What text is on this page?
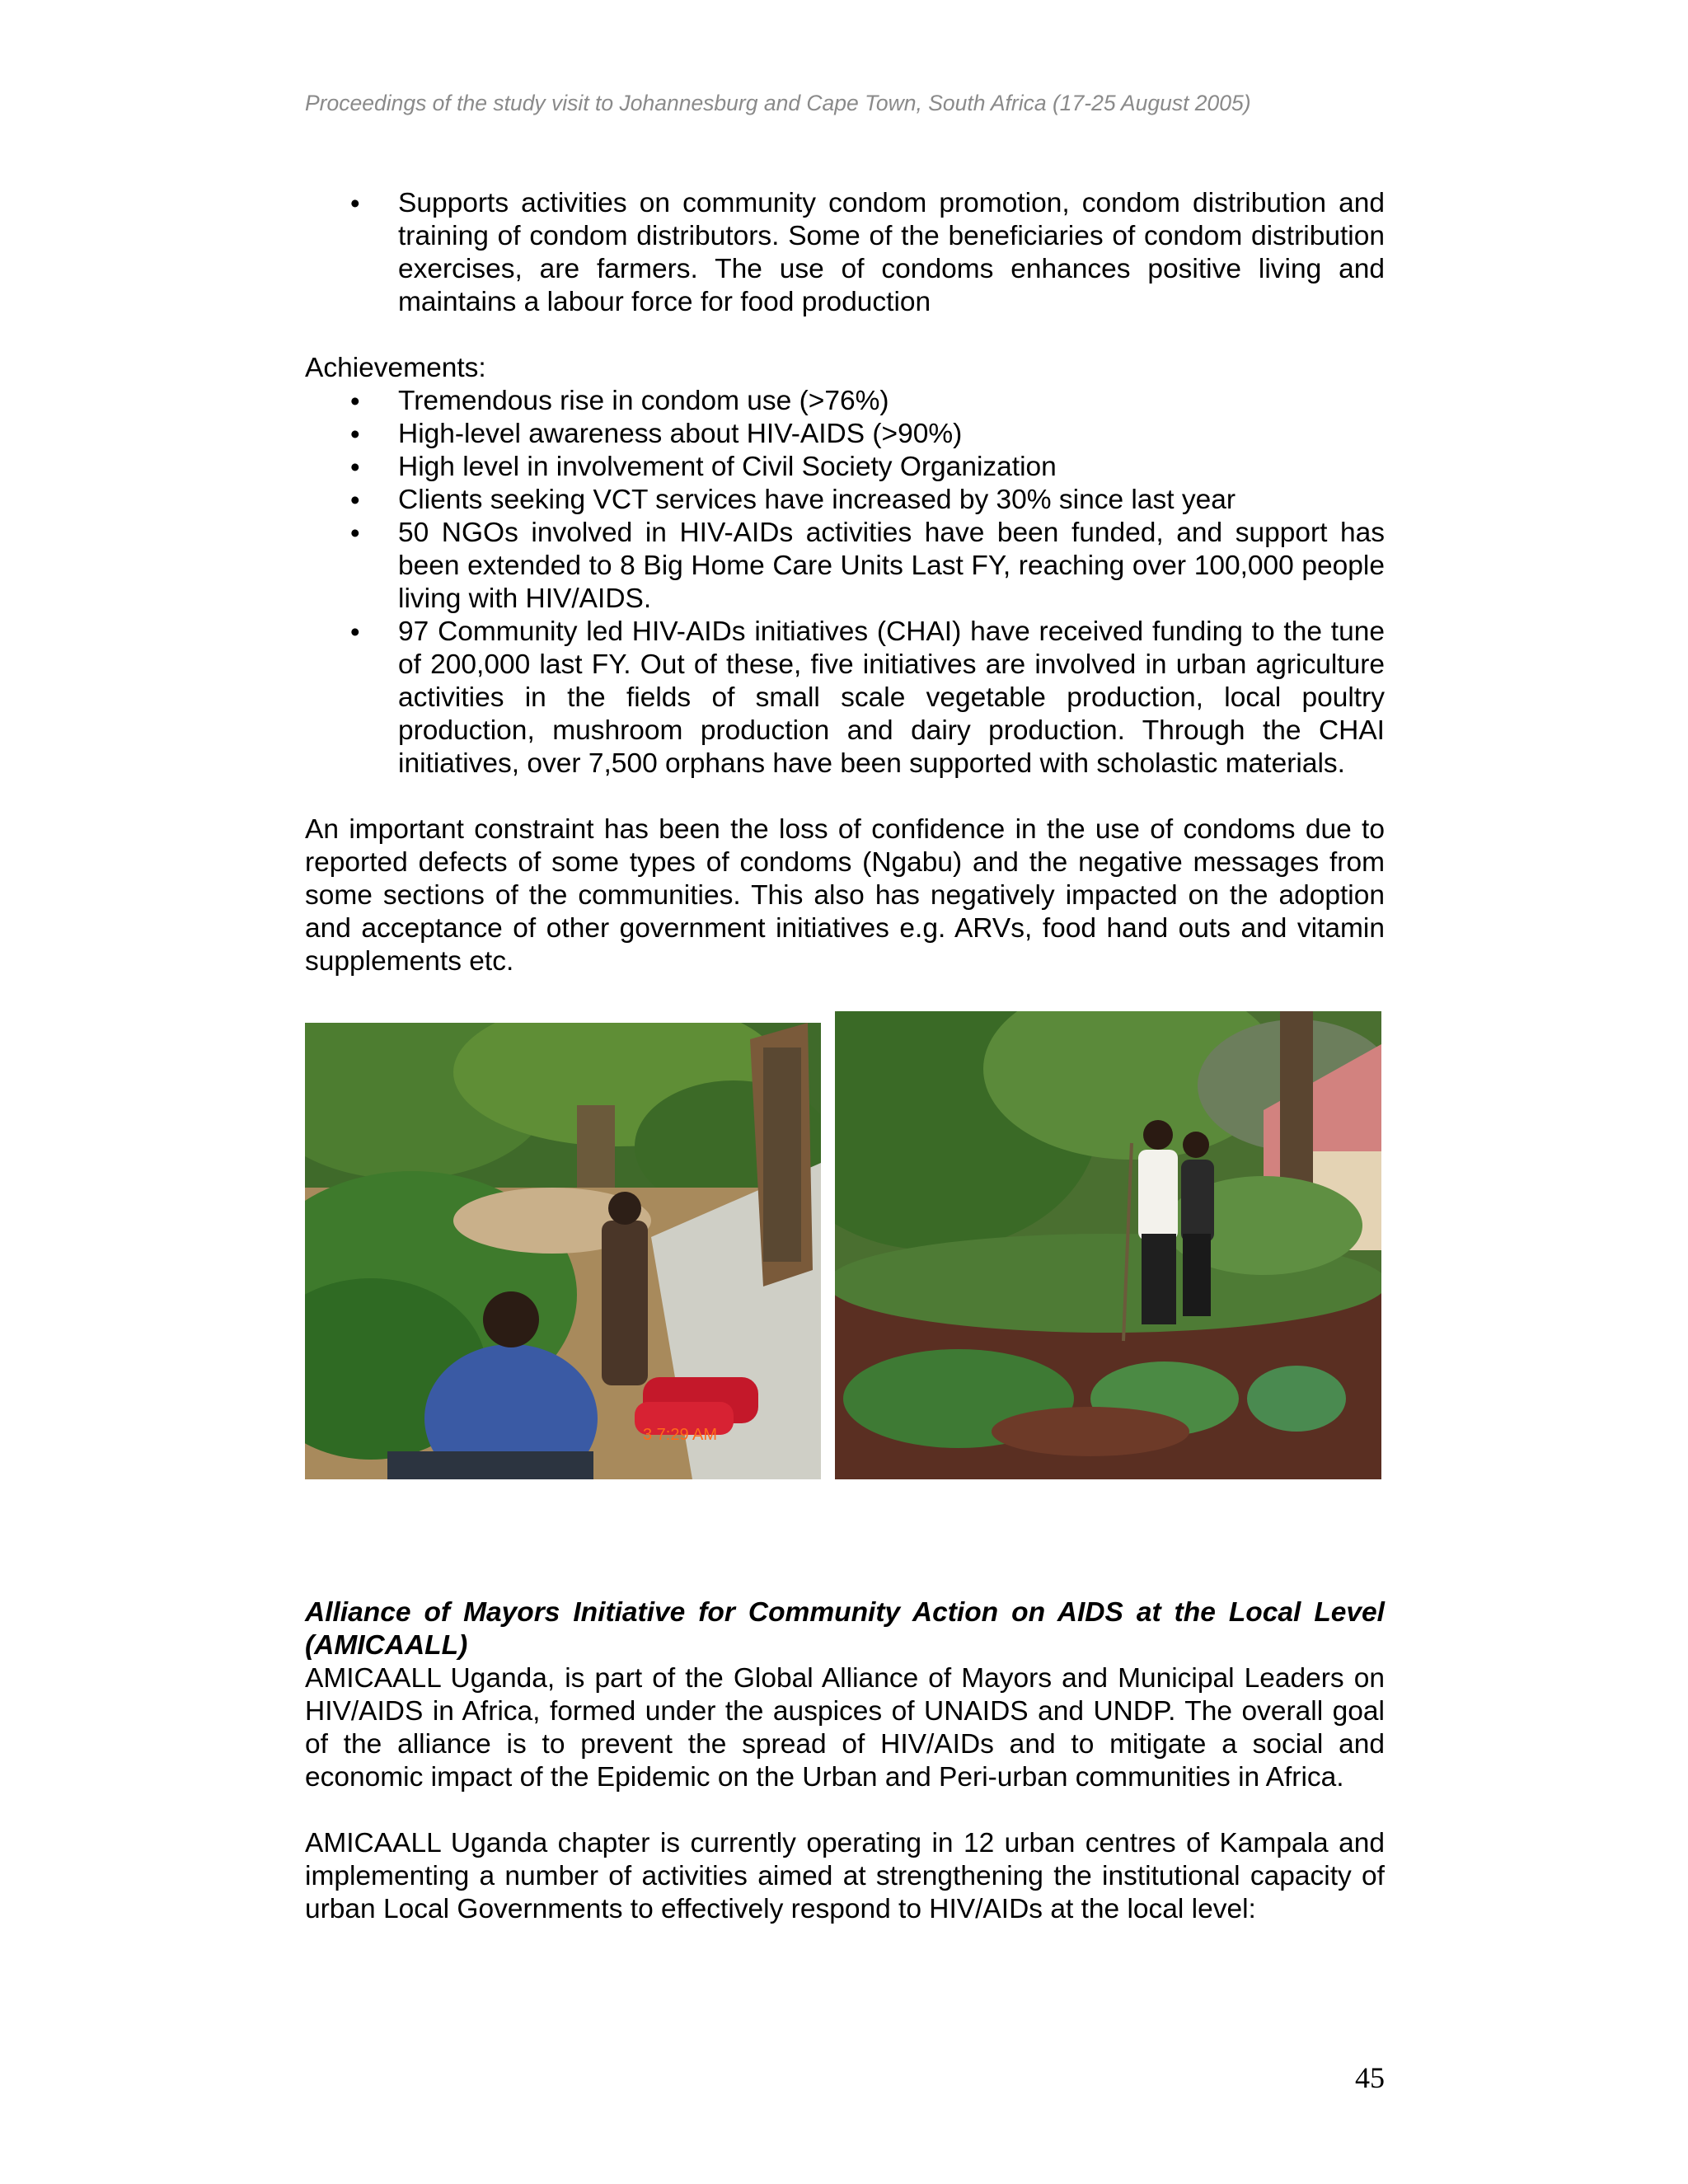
Proceedings of the study visit to Johannesburg and Cape Town, South Africa (17-25 August 2005)
• Supports activities on community condom promotion, condom distribution and training of condom distributors. Some of the beneficiaries of condom distribution exercises, are farmers. The use of condoms enhances positive living and maintains a labour force for food production

Achievements:

• Tremendous rise in condom use (>76%)
• High-level awareness about HIV-AIDS (>90%)
• High level in involvement of Civil Society Organization
• Clients seeking VCT services have increased by 30% since last year
• 50 NGOs involved in HIV-AIDs activities have been funded, and support has been extended to 8 Big Home Care Units Last FY, reaching over 100,000 people living with HIV/AIDS.
• 97 Community led HIV-AIDs initiatives (CHAI) have received funding to the tune of 200,000 last FY. Out of these, five initiatives are involved in urban agriculture activities in the fields of small scale vegetable production, local poultry production, mushroom production and dairy production. Through the CHAI initiatives, over 7,500 orphans have been supported with scholastic materials.

An important constraint has been the loss of confidence in the use of condoms due to reported defects of some types of condoms (Ngabu) and the negative messages from some sections of the communities. This also has negatively impacted on the adoption and acceptance of other government initiatives e.g. ARVs, food hand outs and vitamin supplements etc.

3 7:29 AM

Alliance of Mayors Initiative for Community Action on AIDS at the Local Level (AMICAALL)

AMICAALL Uganda, is part of the Global Alliance of Mayors and Municipal Leaders on HIV/AIDS in Africa, formed under the auspices of UNAIDS and UNDP. The overall goal of the alliance is to prevent the spread of HIV/AIDs and to mitigate a social and economic impact of the Epidemic on the Urban and Peri-urban communities in Africa.

AMICAALL Uganda chapter is currently operating in 12 urban centres of Kampala and implementing a number of activities aimed at strengthening the institutional capacity of urban Local Governments to effectively respond to HIV/AIDs at the local level:

45
